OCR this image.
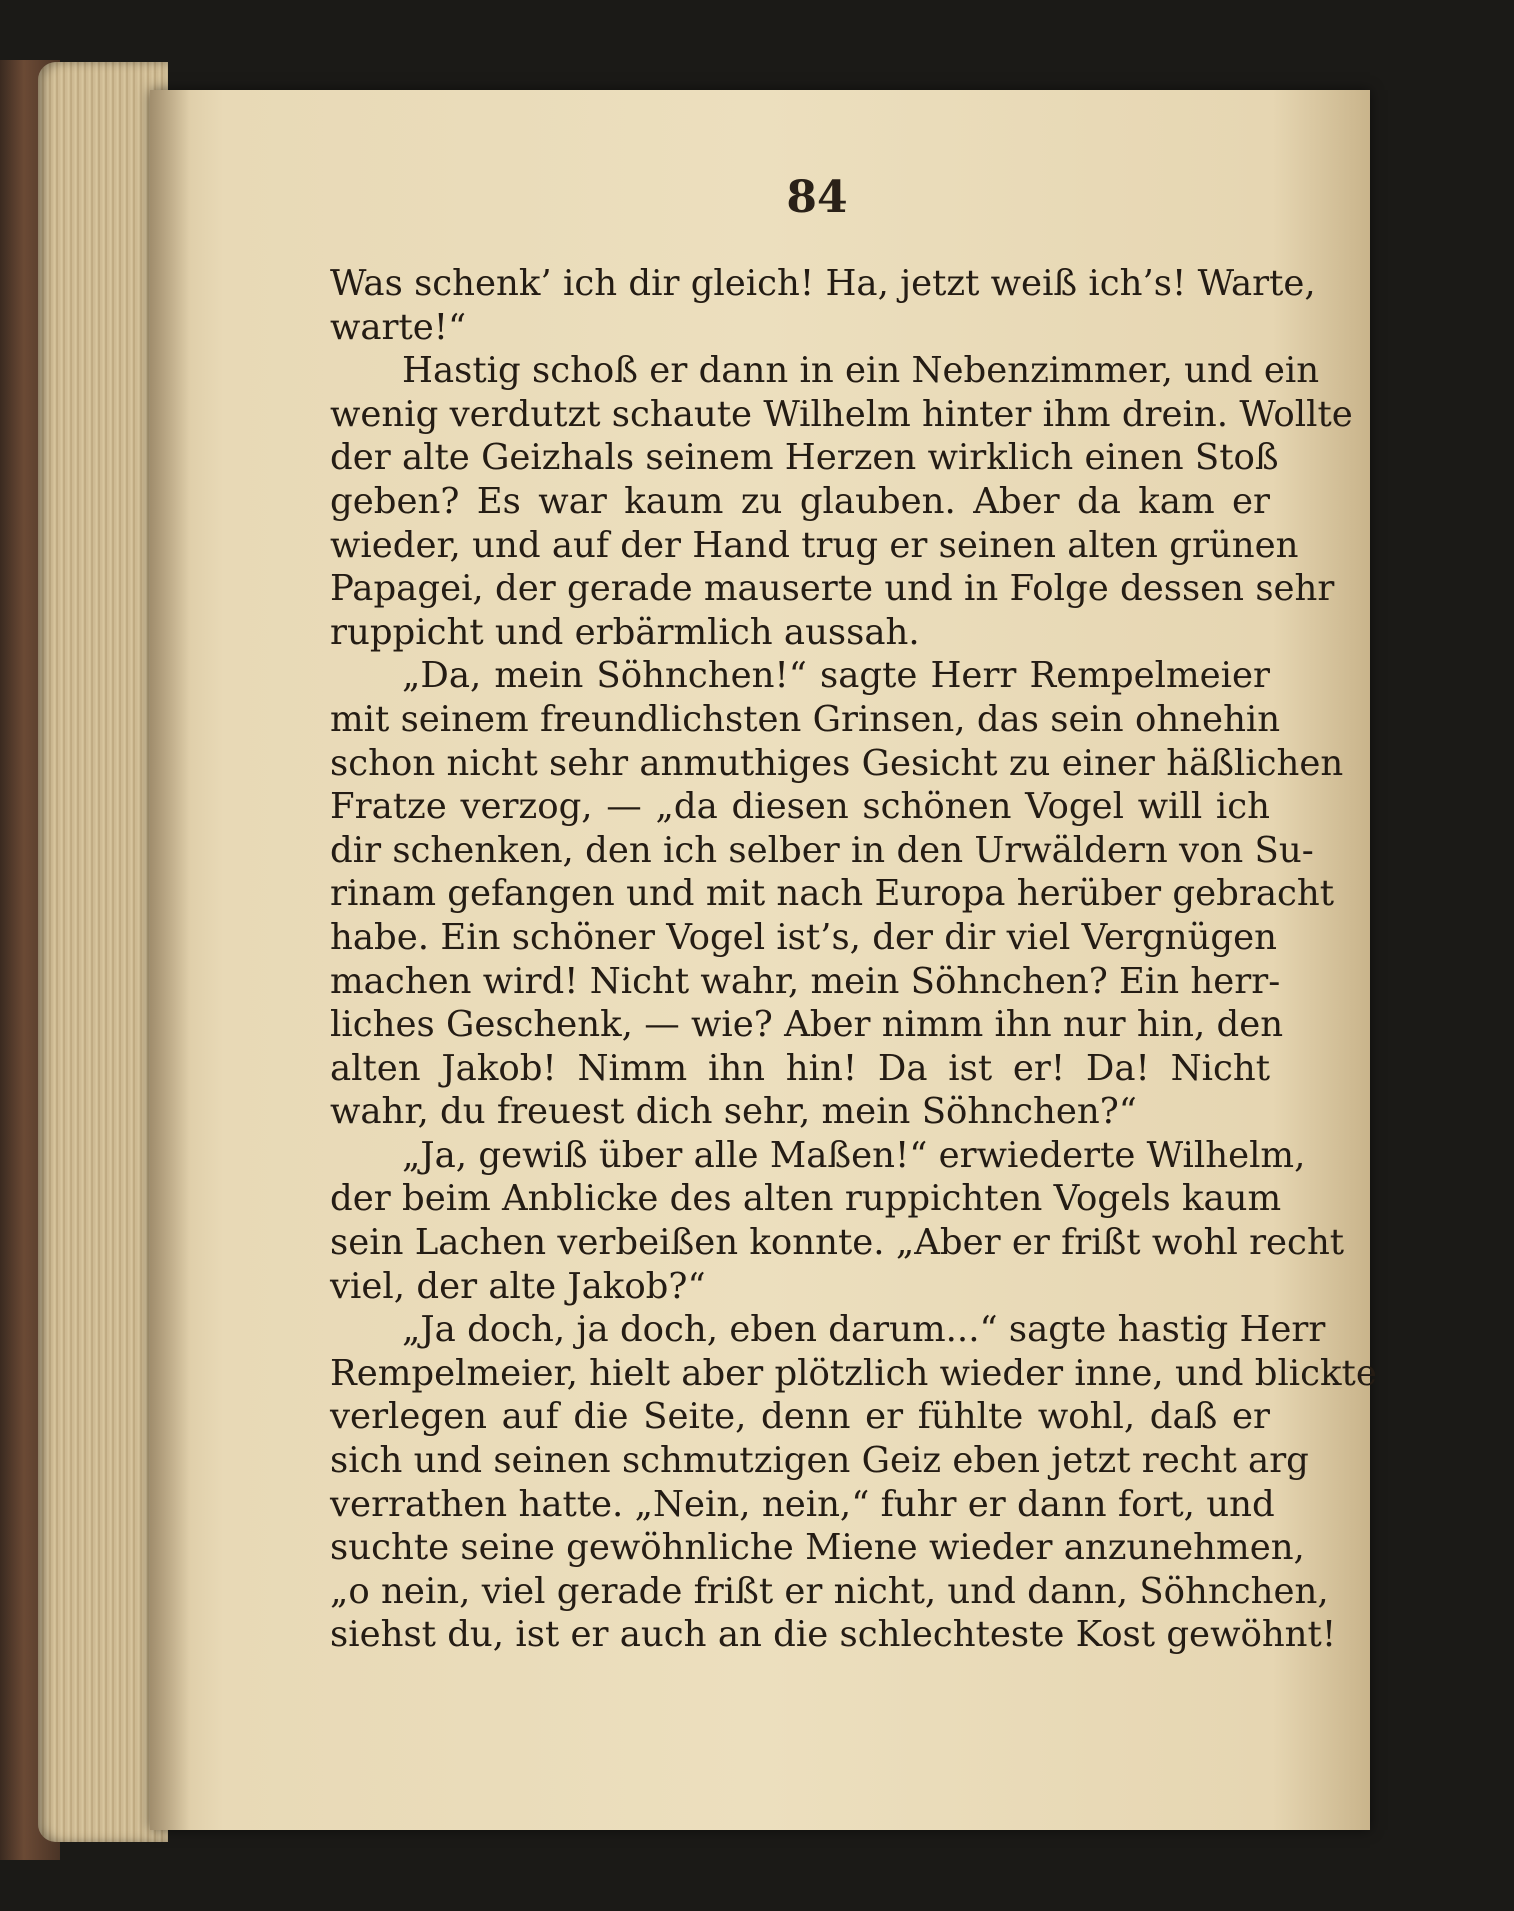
84
Was schenk’ ich dir gleich! Ha, jetzt weiß ich’s! Warte,
warte!“
Hastig schoß er dann in ein Nebenzimmer, und ein
wenig verdutzt schaute Wilhelm hinter ihm drein. Wollte
der alte Geizhals seinem Herzen wirklich einen Stoß
geben? Es war kaum zu glauben. Aber da kam er
wieder, und auf der Hand trug er seinen alten grünen
Papagei, der gerade mauserte und in Folge dessen sehr
ruppicht und erbärmlich aussah.
„Da, mein Söhnchen!“ sagte Herr Rempelmeier
mit seinem freundlichsten Grinsen, das sein ohnehin
schon nicht sehr anmuthiges Gesicht zu einer häßlichen
Fratze verzog, — „da diesen schönen Vogel will ich
dir schenken, den ich selber in den Urwäldern von Su-
rinam gefangen und mit nach Europa herüber gebracht
habe. Ein schöner Vogel ist’s, der dir viel Vergnügen
machen wird! Nicht wahr, mein Söhnchen? Ein herr-
liches Geschenk, — wie? Aber nimm ihn nur hin, den
alten Jakob! Nimm ihn hin! Da ist er! Da! Nicht
wahr, du freuest dich sehr, mein Söhnchen?“
„Ja, gewiß über alle Maßen!“ erwiederte Wilhelm,
der beim Anblicke des alten ruppichten Vogels kaum
sein Lachen verbeißen konnte. „Aber er frißt wohl recht
viel, der alte Jakob?“
„Ja doch, ja doch, eben darum...“ sagte hastig Herr
Rempelmeier, hielt aber plötzlich wieder inne, und blickte
verlegen auf die Seite, denn er fühlte wohl, daß er
sich und seinen schmutzigen Geiz eben jetzt recht arg
verrathen hatte. „Nein, nein,“ fuhr er dann fort, und
suchte seine gewöhnliche Miene wieder anzunehmen,
„o nein, viel gerade frißt er nicht, und dann, Söhnchen,
siehst du, ist er auch an die schlechteste Kost gewöhnt!
